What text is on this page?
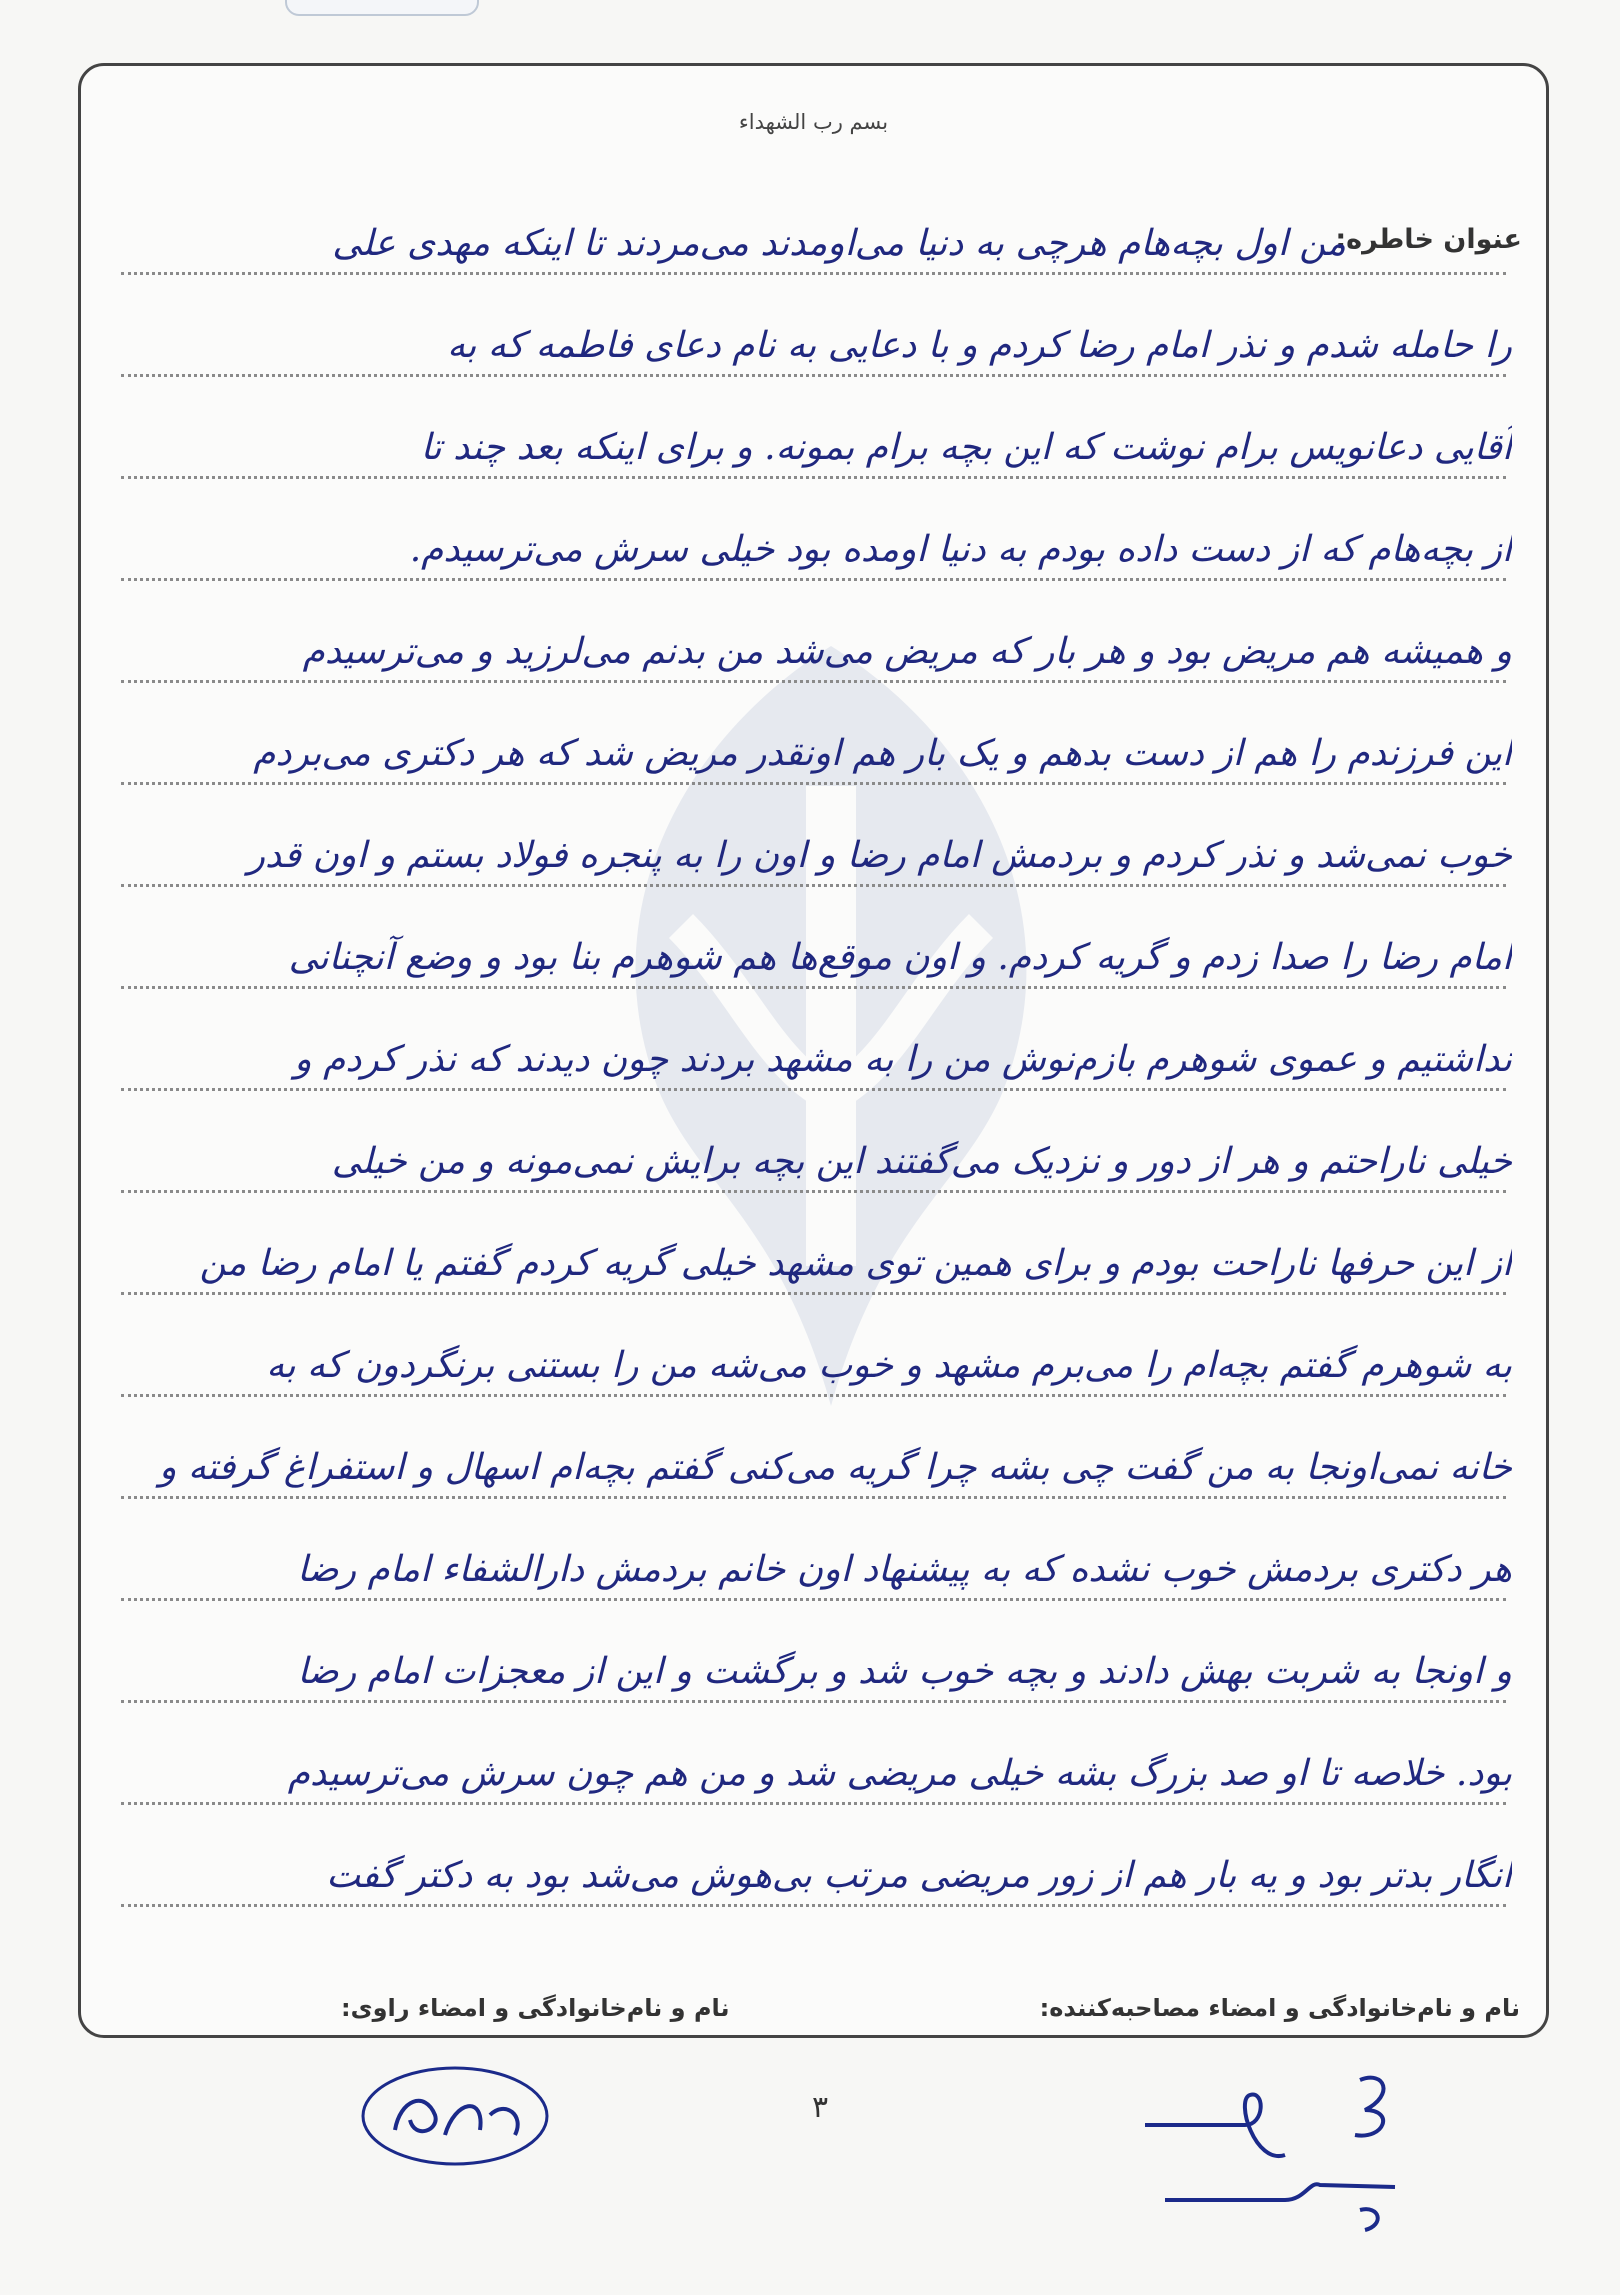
بسم رب الشهداء
عنوان خاطره:
من اول بچه‌هام هرچی به دنیا می‌اومدند می‌مردند تا اینکه مهدی علی
را حامله شدم و نذر امام رضا کردم و با دعایی به نام دعای فاطمه که به
آقایی دعانویس برام نوشت که این بچه برام بمونه. و برای اینکه بعد چند تا
از بچه‌هام که از دست داده بودم به دنیا اومده بود خیلی سرش می‌ترسیدم.
و همیشه هم مریض بود و هر بار که مریض می‌شد من بدنم می‌لرزید و می‌ترسیدم
این فرزندم را هم از دست بدهم و یک بار هم اونقدر مریض شد که هر دکتری می‌بردم
خوب نمی‌شد و نذر کردم و بردمش امام رضا و اون را به پنجره فولاد بستم و اون قدر
امام رضا را صدا زدم و گریه کردم. و اون موقع‌ها هم شوهرم بنا بود و وضع آنچنانی
نداشتیم و عموی شوهرم بازم‌نوش من را به مشهد بردند چون دیدند که نذر کردم و
خیلی ناراحتم و هر از دور و نزدیک می‌گفتند این بچه برایش نمی‌مونه و من خیلی
از این حرفها ناراحت بودم و برای همین توی مشهد خیلی گریه کردم گفتم یا امام رضا من
به شوهرم گفتم بچه‌ام را می‌برم مشهد و خوب می‌شه من را بستنی برنگردون که به
خانه نمی‌اونجا به من گفت چی بشه چرا گریه می‌کنی گفتم بچه‌ام اسهال و استفراغ گرفته و
هر دکتری بردمش خوب نشده که به پیشنهاد اون خانم بردمش دارالشفاء امام رضا
و اونجا به شربت بهش دادند و بچه خوب شد و برگشت و این از معجزات امام رضا
بود. خلاصه تا او صد بزرگ بشه خیلی مریضی شد و من هم چون سرش می‌ترسیدم
انگار بدتر بود و یه بار هم از زور مریضی مرتب بی‌هوش می‌شد بود به دکتر گفت
نام و نام‌خانوادگی و امضاء مصاحبه‌کننده:
نام و نام‌خانوادگی و امضاء راوی:
۳
